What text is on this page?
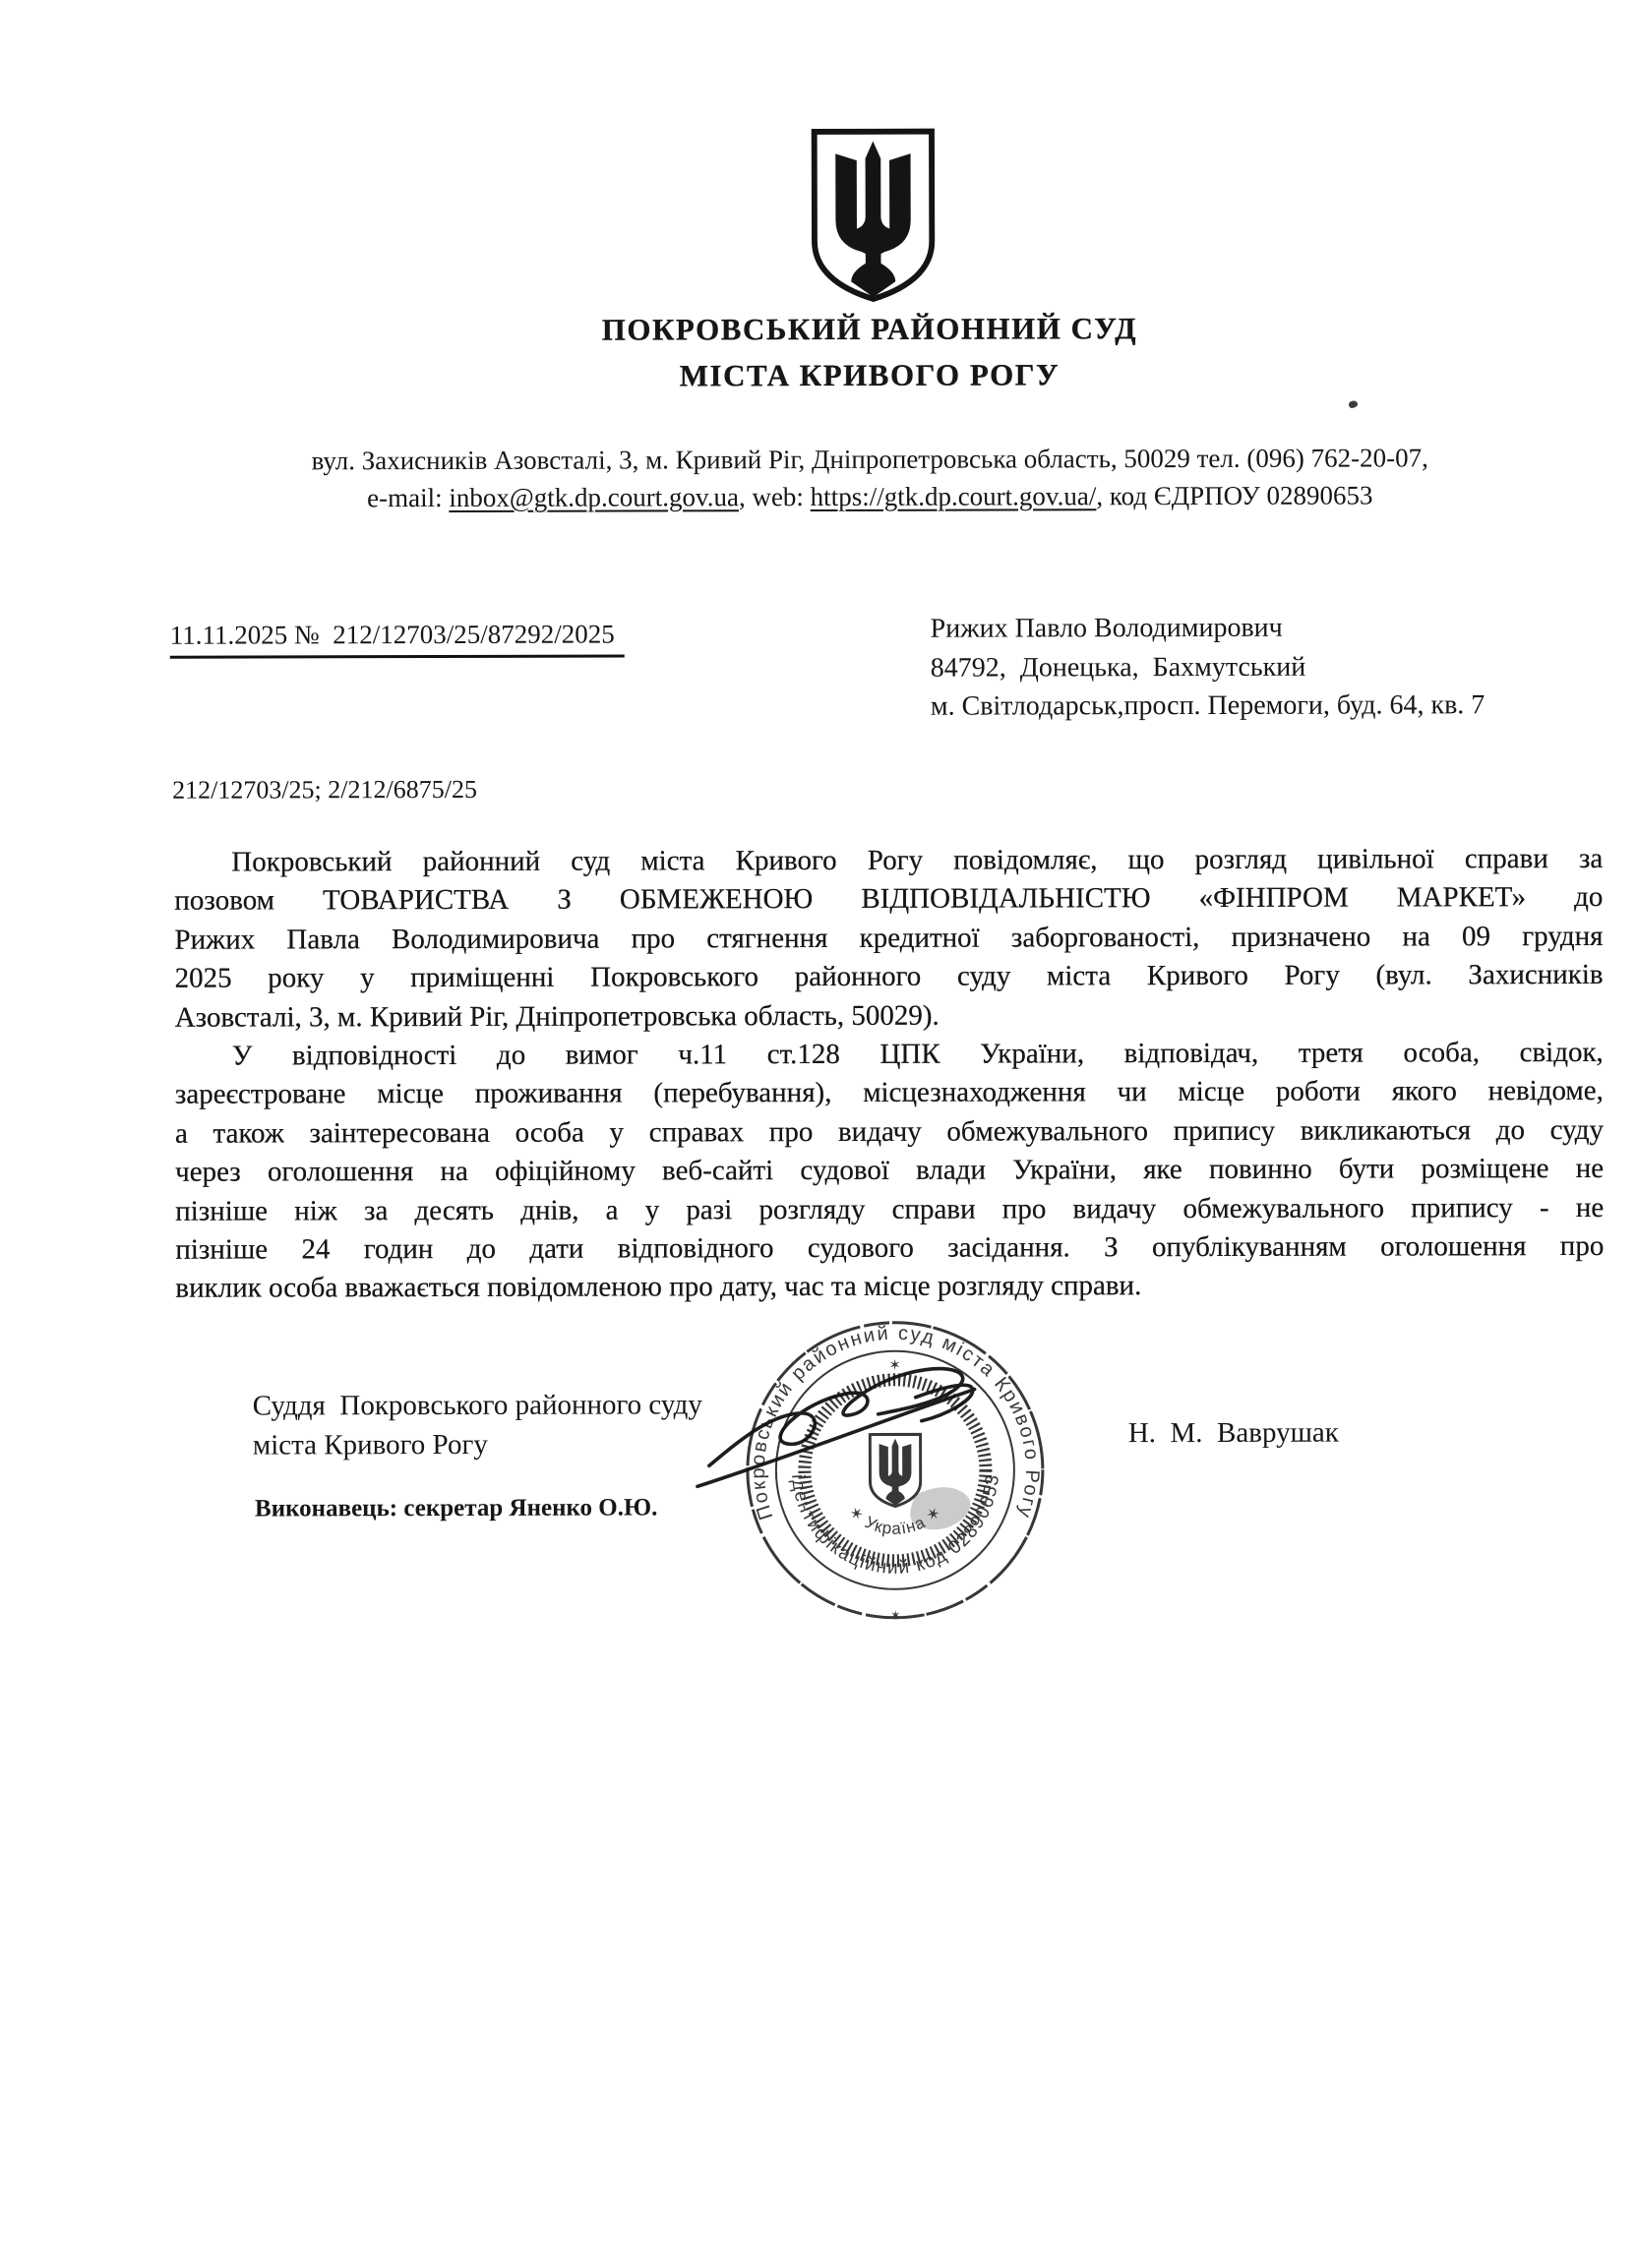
ПОКРОВСЬКИЙ РАЙОННИЙ СУД
МІСТА КРИВОГО РОГУ
вул. Захисників Азовсталі, 3, м. Кривий Ріг, Дніпропетровська область, 50029 тел. (096) 762-20-07,
e-mail: inbox@gtk.dp.court.gov.ua, web: https://gtk.dp.court.gov.ua/, код ЄДРПОУ 02890653
11.11.2025 №  212/12703/25/87292/2025	Рижих Павло Володимирович
84792,  Донецька,  Бахмутський
м. Світлодарськ,просп. Перемоги, буд. 64, кв. 7
212/12703/25; 2/212/6875/25
Покровський районний суд міста Кривого Рогу повідомляє, що розгляд цивільної справи за
позовом ТОВАРИСТВА З ОБМЕЖЕНОЮ ВІДПОВІДАЛЬНІСТЮ «ФІНПРОМ МАРКЕТ» до
Рижих Павла Володимировича про стягнення кредитної заборгованості, призначено на 09 грудня
2025 року у приміщенні Покровського районного суду міста Кривого Рогу (вул. Захисників
Азовсталі, 3, м. Кривий Ріг, Дніпропетровська область, 50029).
У відповідності до вимог ч.11 ст.128 ЦПК України, відповідач, третя особа, свідок,
зареєстроване місце проживання (перебування), місцезнаходження чи місце роботи якого невідоме,
а також заінтересована особа у справах про видачу обмежувального припису викликаються до суду
через оголошення на офіційному веб-сайті судової влади України, яке повинно бути розміщене не
пізніше ніж за десять днів, а у разі розгляду справи про видачу обмежувального припису - не
пізніше 24 годин до дати відповідного судового засідання. З опублікуванням оголошення про
виклик особа вважається повідомленою про дату, час та місце розгляду справи.
Суддя  Покровського районного суду
міста Кривого Рогу	Н.  М.  Ваврушак
Виконавець: секретар Яненко О.Ю.	Покровський районний суд міста Кривого Рогу
ідентифікаційний код 02890653
✶ Україна ✶
✶
✶
